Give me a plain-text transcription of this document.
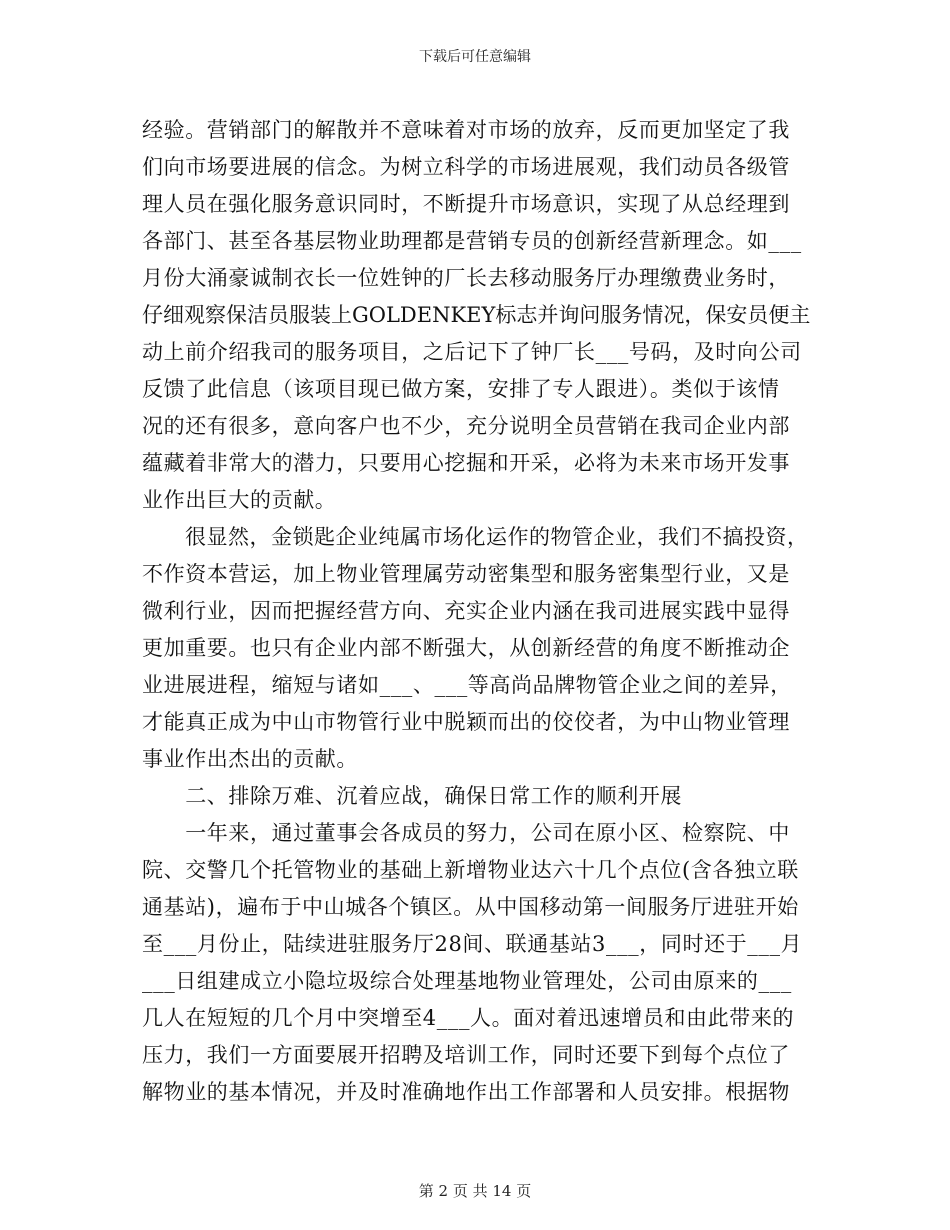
下载后可任意编辑
经验。营销部门的解散并不意味着对市场的放弃，反而更加坚定了我
们向市场要进展的信念。为树立科学的市场进展观，我们动员各级管
理人员在强化服务意识同时，不断提升市场意识，实现了从总经理到
各部门、甚至各基层物业助理都是营销专员的创新经营新理念。如___
月份大涌豪诚制衣长一位姓钟的厂长去移动服务厅办理缴费业务时，
仔细观察保洁员服装上GOLDENKEY标志并询问服务情况，保安员便主
动上前介绍我司的服务项目，之后记下了钟厂长___号码，及时向公司
反馈了此信息（该项目现已做方案，安排了专人跟进）。类似于该情
况的还有很多，意向客户也不少，充分说明全员营销在我司企业内部
蕴藏着非常大的潜力，只要用心挖掘和开采，必将为未来市场开发事
业作出巨大的贡献。
　　很显然，金锁匙企业纯属市场化运作的物管企业，我们不搞投资，
不作资本营运，加上物业管理属劳动密集型和服务密集型行业，又是
微利行业，因而把握经营方向、充实企业内涵在我司进展实践中显得
更加重要。也只有企业内部不断强大，从创新经营的角度不断推动企
业进展进程，缩短与诸如___、___等高尚品牌物管企业之间的差异，
才能真正成为中山市物管行业中脱颖而出的佼佼者，为中山物业管理
事业作出杰出的贡献。
　　二、排除万难、沉着应战，确保日常工作的顺利开展
　　一年来，通过董事会各成员的努力，公司在原小区、检察院、中
院、交警几个托管物业的基础上新增物业达六十几个点位(含各独立联
通基站)，遍布于中山城各个镇区。从中国移动第一间服务厅进驻开始
至___月份止，陆续进驻服务厅28间、联通基站3___，同时还于___月
___日组建成立小隐垃圾综合处理基地物业管理处，公司由原来的___
几人在短短的几个月中突增至4___人。面对着迅速增员和由此带来的
压力，我们一方面要展开招聘及培训工作，同时还要下到每个点位了
解物业的基本情况，并及时准确地作出工作部署和人员安排。根据物
第 2 页 共 14 页
